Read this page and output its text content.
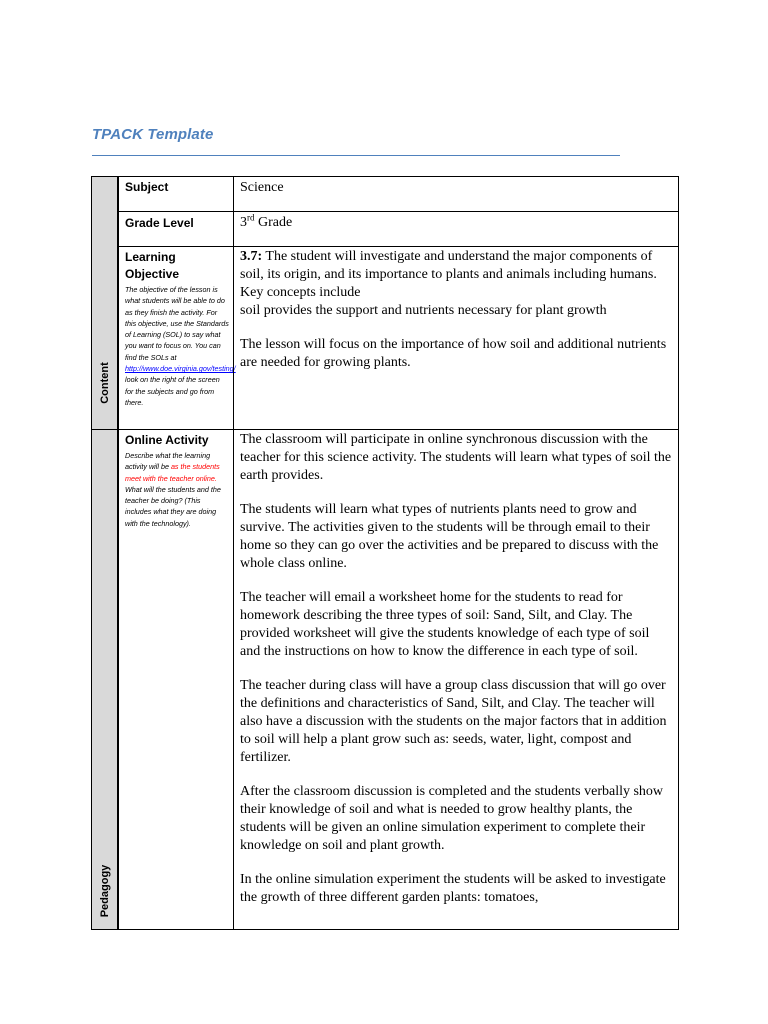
TPACK Template
Content
Pedagogy
Subject	Science
Grade Level	3rd Grade
Learning Objective
The objective of the lesson is what students will be able to do as they finish the activity. For this objective, use the Standards of Learning (SOL) to say what you want to focus on. You can find the SOLs at http://www.doe.virginia.gov/testing/ look on the right of the screen for the subjects and go from there.
3.7: The student will investigate and understand the major components of soil, its origin, and its importance to plants and animals including humans. Key concepts include

soil provides the support and nutrients necessary for plant growth

The lesson will focus on the importance of how soil and additional nutrients are needed for growing plants.
Online Activity
Describe what the learning activity will be as the students meet with the teacher online. What will the students and the teacher be doing? (This includes what they are doing with the technology).

The classroom will participate in online synchronous discussion with the teacher for this science activity. The students will learn what types of soil the earth provides.

The students will learn what types of nutrients plants need to grow and survive. The activities given to the students will be through email to their home so they can go over the activities and be prepared to discuss with the whole class online.

The teacher will email a worksheet home for the students to read for homework describing the three types of soil: Sand, Silt, and Clay. The provided worksheet will give the students knowledge of each type of soil and the instructions on how to know the difference in each type of soil.

The teacher during class will have a group class discussion that will go over the definitions and characteristics of Sand, Silt, and Clay. The teacher will also have a discussion with the students on the major factors that in addition to soil will help a plant grow such as: seeds, water, light, compost and fertilizer.

After the classroom discussion is completed and the students verbally show their knowledge of soil and what is needed to grow healthy plants, the students will be given an online simulation experiment to complete their knowledge on soil and plant growth.

In the online simulation experiment the students will be asked to investigate the growth of three different garden plants: tomatoes,
